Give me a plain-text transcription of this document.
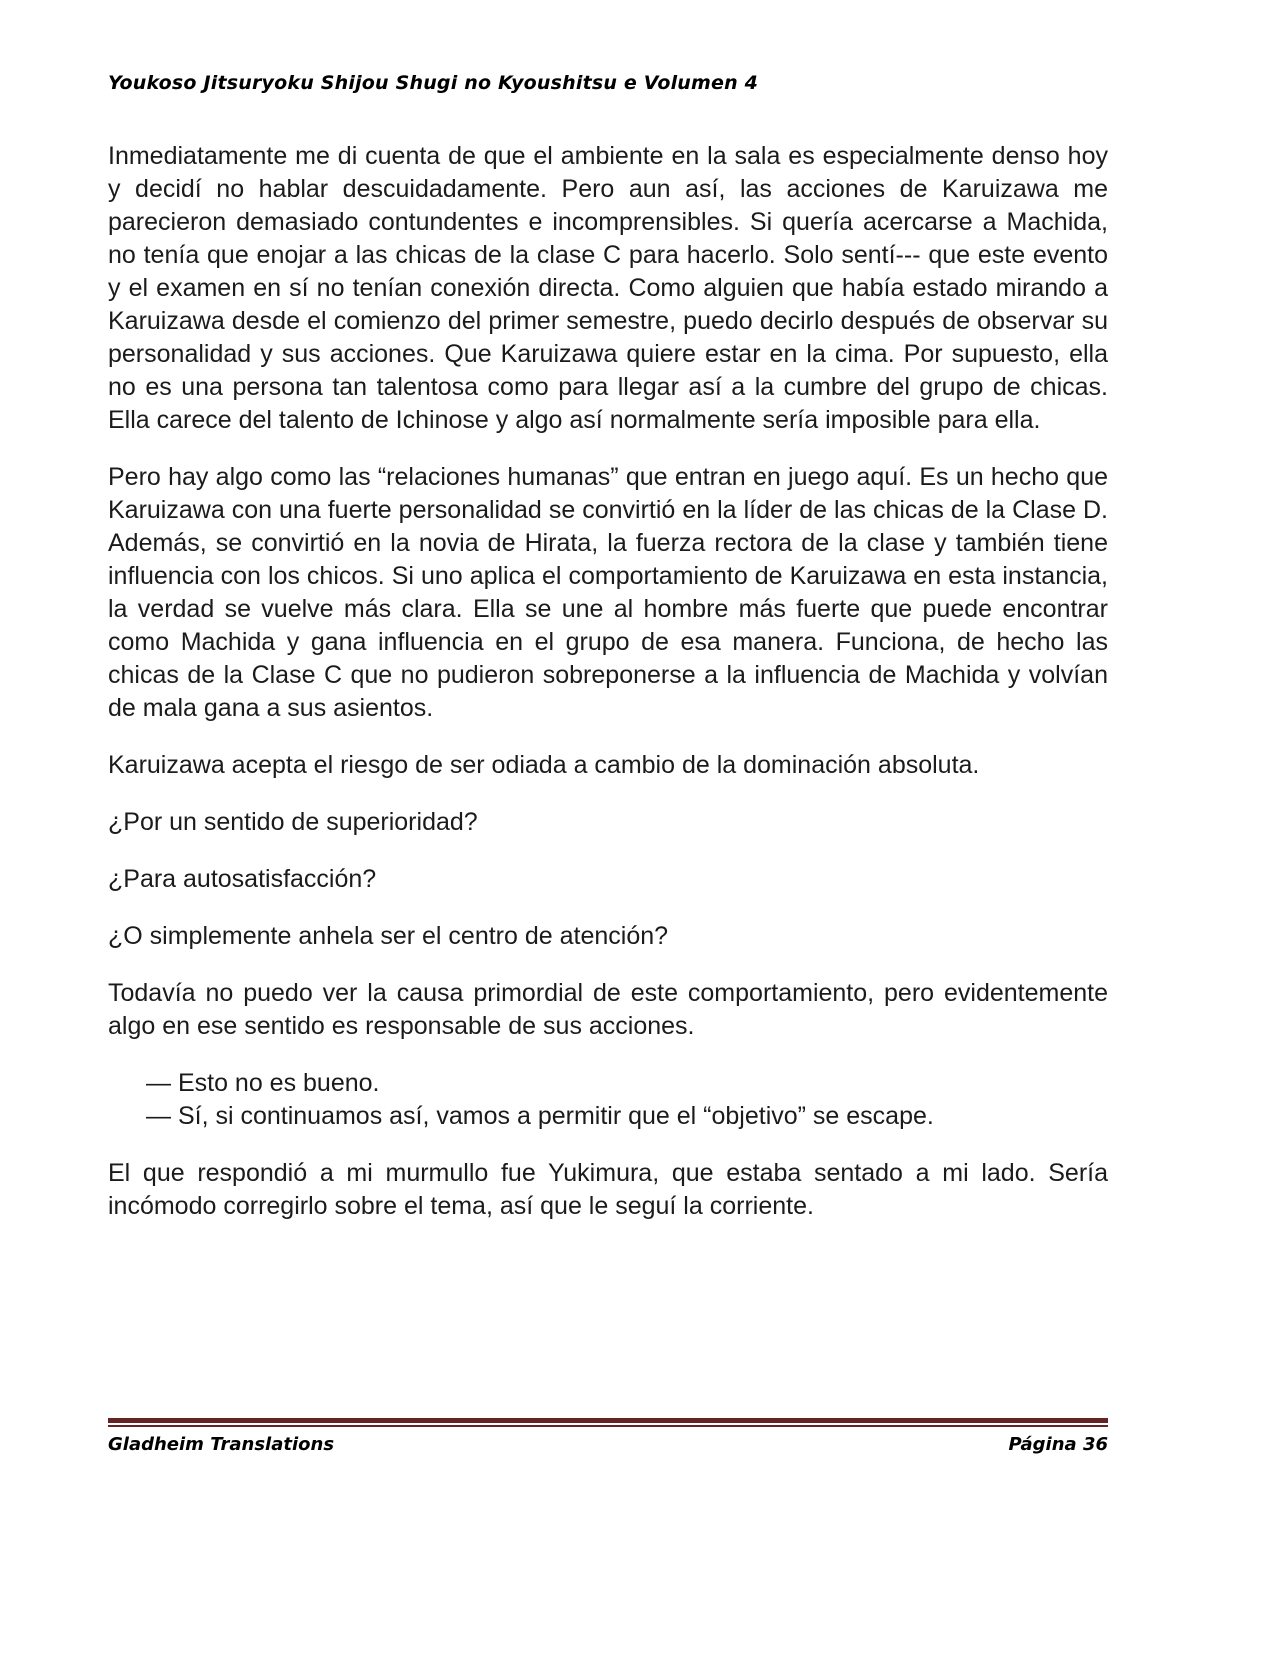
Youkoso Jitsuryoku Shijou Shugi no Kyoushitsu e Volumen 4

Inmediatamente me di cuenta de que el ambiente en la sala es especialmente denso hoy y decidí no hablar descuidadamente. Pero aun así, las acciones de Karuizawa me parecieron demasiado contundentes e incomprensibles. Si quería acercarse a Machida, no tenía que enojar a las chicas de la clase C para hacerlo. Solo sentí--- que este evento y el examen en sí no tenían conexión directa. Como alguien que había estado mirando a Karuizawa desde el comienzo del primer semestre, puedo decirlo después de observar su personalidad y sus acciones. Que Karuizawa quiere estar en la cima. Por supuesto, ella no es una persona tan talentosa como para llegar así a la cumbre del grupo de chicas. Ella carece del talento de Ichinose y algo así normalmente sería imposible para ella.

Pero hay algo como las “relaciones humanas” que entran en juego aquí. Es un hecho que Karuizawa con una fuerte personalidad se convirtió en la líder de las chicas de la Clase D. Además, se convirtió en la novia de Hirata, la fuerza rectora de la clase y también tiene influencia con los chicos. Si uno aplica el comportamiento de Karuizawa en esta instancia, la verdad se vuelve más clara. Ella se une al hombre más fuerte que puede encontrar como Machida y gana influencia en el grupo de esa manera. Funciona, de hecho las chicas de la Clase C que no pudieron sobreponerse a la influencia de Machida y volvían de mala gana a sus asientos.

Karuizawa acepta el riesgo de ser odiada a cambio de la dominación absoluta.

¿Por un sentido de superioridad?

¿Para autosatisfacción?

¿O simplemente anhela ser el centro de atención?

Todavía no puedo ver la causa primordial de este comportamiento, pero evidentemente algo en ese sentido es responsable de sus acciones.

— Esto no es bueno.

— Sí, si continuamos así, vamos a permitir que el “objetivo” se escape.

El que respondió a mi murmullo fue Yukimura, que estaba sentado a mi lado. Sería incómodo corregirlo sobre el tema, así que le seguí la corriente.

Gladheim Translations	Página 36
